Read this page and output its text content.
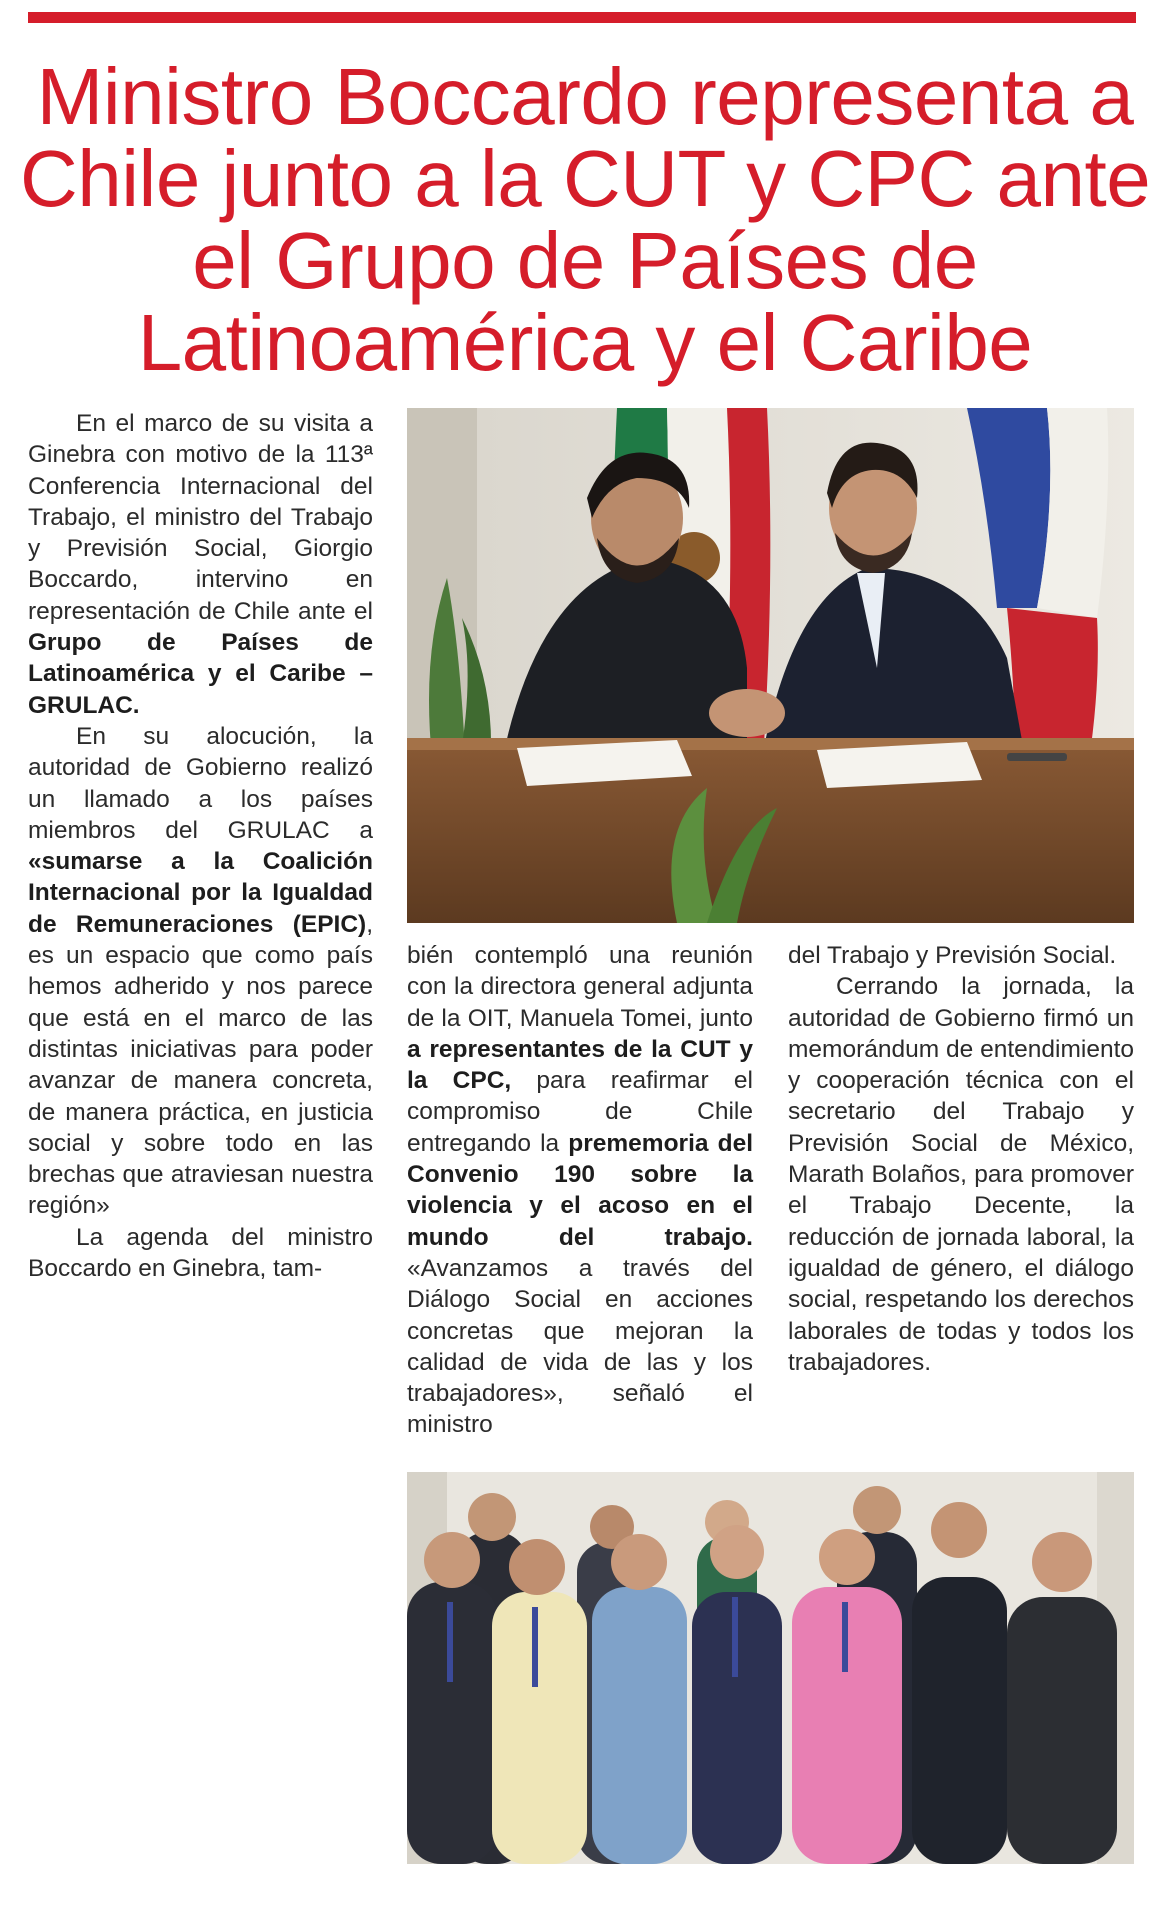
Ministro Boccardo representa a
Chile junto a la CUT y CPC ante
el Grupo de Países de
Latinoamérica y el Caribe

En el marco de su visita a Ginebra con motivo de la 113ª Conferencia Internacional del Trabajo, el ministro del Trabajo y Previsión Social, Giorgio Boccardo, intervino en representación de Chile ante el Grupo de Países de Latinoamérica y el Caribe – GRULAC.

En su alocución, la autoridad de Gobierno realizó un llamado a los países miembros del GRULAC a «sumarse a la Coalición Internacional por la Igualdad de Remuneraciones (EPIC), es un espacio que como país hemos adherido y nos parece que está en el marco de las distintas iniciativas para poder avanzar de manera concreta, de manera práctica, en justicia social y sobre todo en las brechas que atraviesan nuestra región»

La agenda del ministro Boccardo en Ginebra, tam-

bién contempló una reunión con la directora general adjunta de la OIT, Manuela Tomei, junto a representantes de la CUT y la CPC, para reafirmar el compromiso de Chile entregando la prememoria del Convenio 190 sobre la violencia y el acoso en el mundo del trabajo. «Avanzamos a través del Diálogo Social en acciones concretas que mejoran la calidad de vida de las y los trabajadores», señaló el ministro

del Trabajo y Previsión Social.

Cerrando la jornada, la autoridad de Gobierno firmó un memorándum de entendimiento y cooperación técnica con el secretario del Trabajo y Previsión Social de México, Marath Bolaños, para promover el Trabajo Decente, la reducción de jornada laboral, la igualdad de género, el diálogo social, respetando los derechos laborales de todas y todos los trabajadores.
